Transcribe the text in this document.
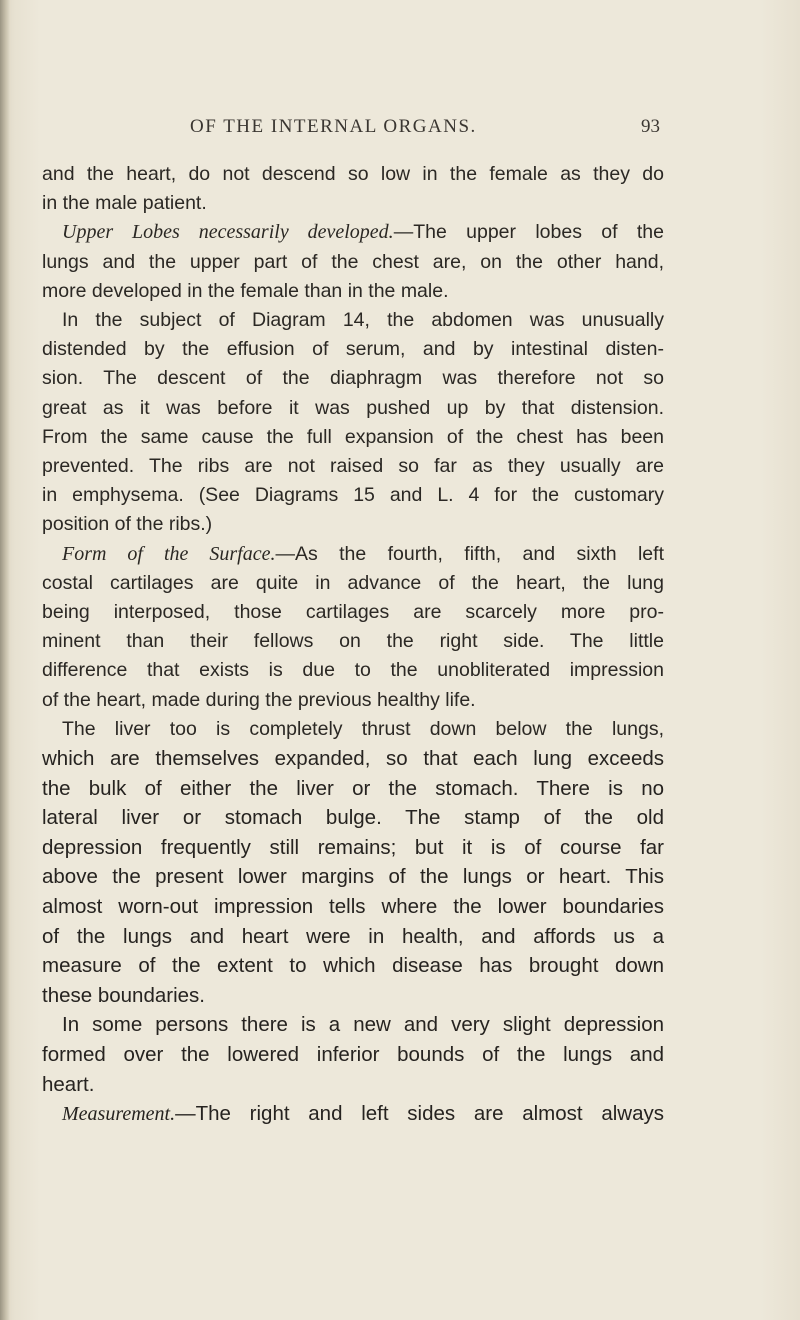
OF THE INTERNAL ORGANS.	93
and the heart, do not descend so low in the female as they do
in the male patient.
Upper Lobes necessarily developed.—The upper lobes of the
lungs and the upper part of the chest are, on the other hand,
more developed in the female than in the male.
In the subject of Diagram 14, the abdomen was unusually
distended by the effusion of serum, and by intestinal disten-
sion. The descent of the diaphragm was therefore not so
great as it was before it was pushed up by that distension.
From the same cause the full expansion of the chest has been
prevented. The ribs are not raised so far as they usually are
in emphysema. (See Diagrams 15 and L. 4 for the customary
position of the ribs.)
Form of the Surface.—As the fourth, fifth, and sixth left
costal cartilages are quite in advance of the heart, the lung
being interposed, those cartilages are scarcely more pro-
minent than their fellows on the right side. The little
difference that exists is due to the unobliterated impression
of the heart, made during the previous healthy life.
The liver too is completely thrust down below the lungs,
which are themselves expanded, so that each lung exceeds
the bulk of either the liver or the stomach. There is no
lateral liver or stomach bulge. The stamp of the old
depression frequently still remains; but it is of course far
above the present lower margins of the lungs or heart. This
almost worn-out impression tells where the lower boundaries
of the lungs and heart were in health, and affords us a
measure of the extent to which disease has brought down
these boundaries.
In some persons there is a new and very slight depression
formed over the lowered inferior bounds of the lungs and
heart.
Measurement.—The right and left sides are almost always
